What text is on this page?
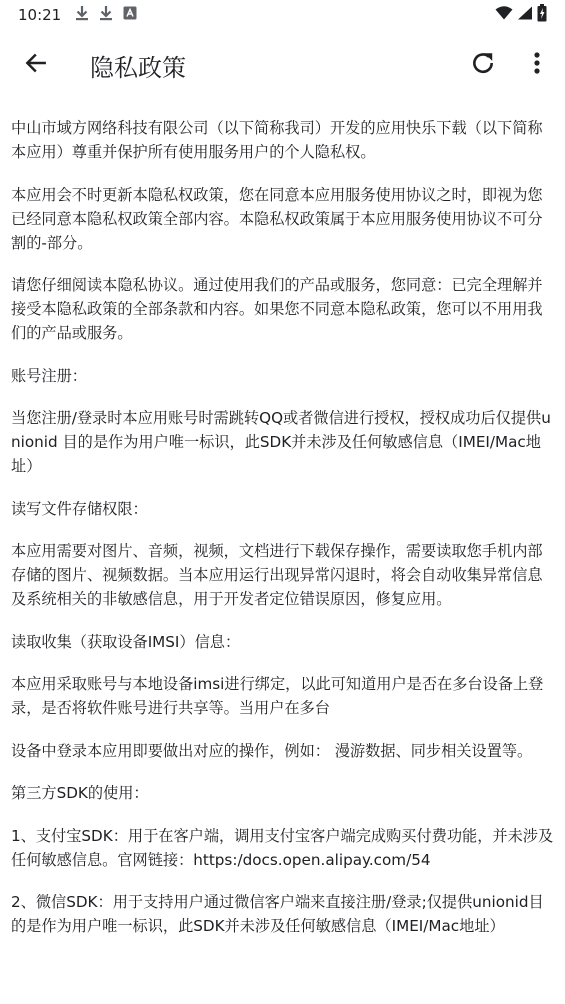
10:21
隐私政策

中山市域方网络科技有限公司（以下简称我司）开发的应用快乐下载（以下简称本应用）尊重并保护所有使用服务用户的个人隐私权。

本应用会不时更新本隐私权政策，您在同意本应用服务使用协议之时，即视为您已经同意本隐私权政策全部内容。本隐私权政策属于本应用服务使用协议不可分割的-部分。

请您仔细阅读本隐私协议。通过使用我们的产品或服务，您同意：已完全理解并接受本隐私政策的全部条款和内容。如果您不同意本隐私政策，您可以不用用我们的产品或服务。

账号注册：

当您注册/登录时本应用账号时需跳转QQ或者微信进行授权，授权成功后仅提供unionid 目的是作为用户唯一标识，此SDK并未涉及任何敏感信息（IMEI/Mac地址）

读写文件存储权限：

本应用需要对图片、音频，视频，文档进行下载保存操作，需要读取您手机内部存储的图片、视频数据。当本应用运行出现异常闪退时，将会自动收集异常信息及系统相关的非敏感信息，用于开发者定位错误原因，修复应用。

读取收集（获取设备IMSI）信息：

本应用采取账号与本地设备imsi进行绑定，以此可知道用户是否在多台设备上登录，是否将软件账号进行共享等。当用户在多台

设备中登录本应用即要做出对应的操作，例如： 漫游数据、同步相关设置等。

第三方SDK的使用：

1、支付宝SDK：用于在客户端，调用支付宝客户端完成购买付费功能，并未涉及任何敏感信息。官网链接：https:/docs.open.alipay.com/54

2、微信SDK：用于支持用户通过微信客户端来直接注册/登录;仅提供unionid目的是作为用户唯一标识，此SDK并未涉及任何敏感信息（IMEI/Mac地址）
